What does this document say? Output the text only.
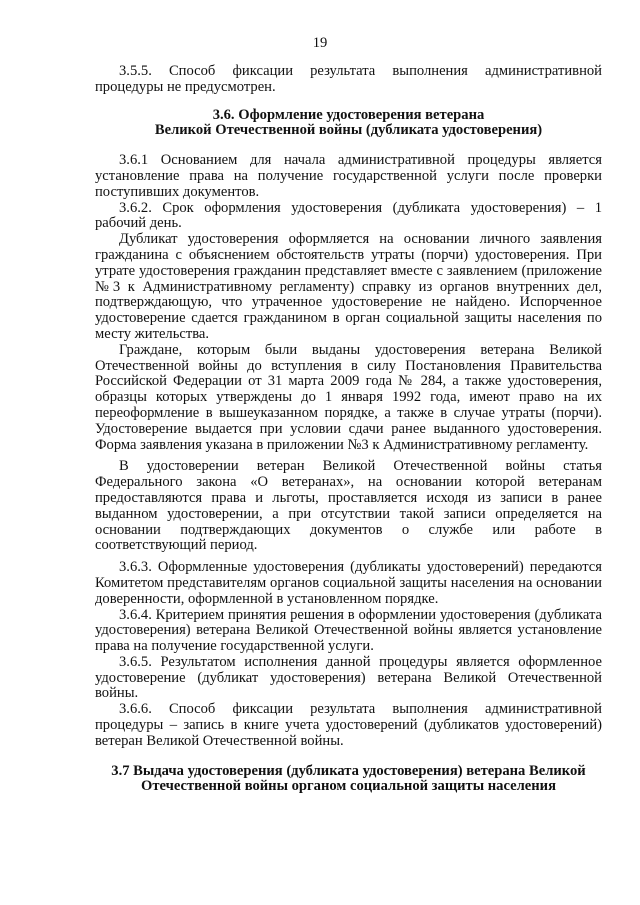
19

3.5.5. Способ фиксации результата выполнения административной процедуры не предусмотрен.

3.6. Оформление удостоверения ветерана
Великой Отечественной войны (дубликата удостоверения)

3.6.1 Основанием для начала административной процедуры является установление права на получение государственной услуги после проверки поступивших документов.

3.6.2. Срок оформления удостоверения (дубликата удостоверения) – 1 рабочий день.

Дубликат удостоверения оформляется на основании личного заявления гражданина с объяснением обстоятельств утраты (порчи) удостоверения. При утрате удостоверения гражданин представляет вместе с заявлением (приложение №3 к Административному регламенту) справку из органов внутренних дел, подтверждающую, что утраченное удостоверение не найдено. Испорченное удостоверение сдается гражданином в орган социальной защиты населения по месту жительства.

Граждане, которым были выданы удостоверения ветерана Великой Отечественной войны до вступления в силу Постановления Правительства Российской Федерации от 31 марта 2009 года № 284, а также удостоверения, образцы которых утверждены до 1 января 1992 года, имеют право на их переоформление в вышеуказанном порядке, а также в случае утраты (порчи). Удостоверение выдается при условии сдачи ранее выданного удостоверения. Форма заявления указана в приложении №3 к Административному регламенту.

В удостоверении ветеран Великой Отечественной войны статья Федерального закона «О ветеранах», на основании которой ветеранам предоставляются права и льготы, проставляется исходя из записи в ранее выданном удостоверении, а при отсутствии такой записи определяется на основании подтверждающих документов о службе или работе в соответствующий период.

3.6.3. Оформленные удостоверения (дубликаты удостоверений) передаются Комитетом представителям органов социальной защиты населения на основании доверенности, оформленной в установленном порядке.

3.6.4. Критерием принятия решения в оформлении удостоверения (дубликата удостоверения) ветерана Великой Отечественной войны является установление права на получение государственной услуги.

3.6.5. Результатом исполнения данной процедуры является оформленное удостоверение (дубликат удостоверения) ветерана Великой Отечественной войны.

3.6.6. Способ фиксации результата выполнения административной процедуры – запись в книге учета удостоверений (дубликатов удостоверений) ветеран Великой Отечественной войны.

3.7 Выдача удостоверения (дубликата удостоверения) ветерана Великой
Отечественной войны органом социальной защиты населения
